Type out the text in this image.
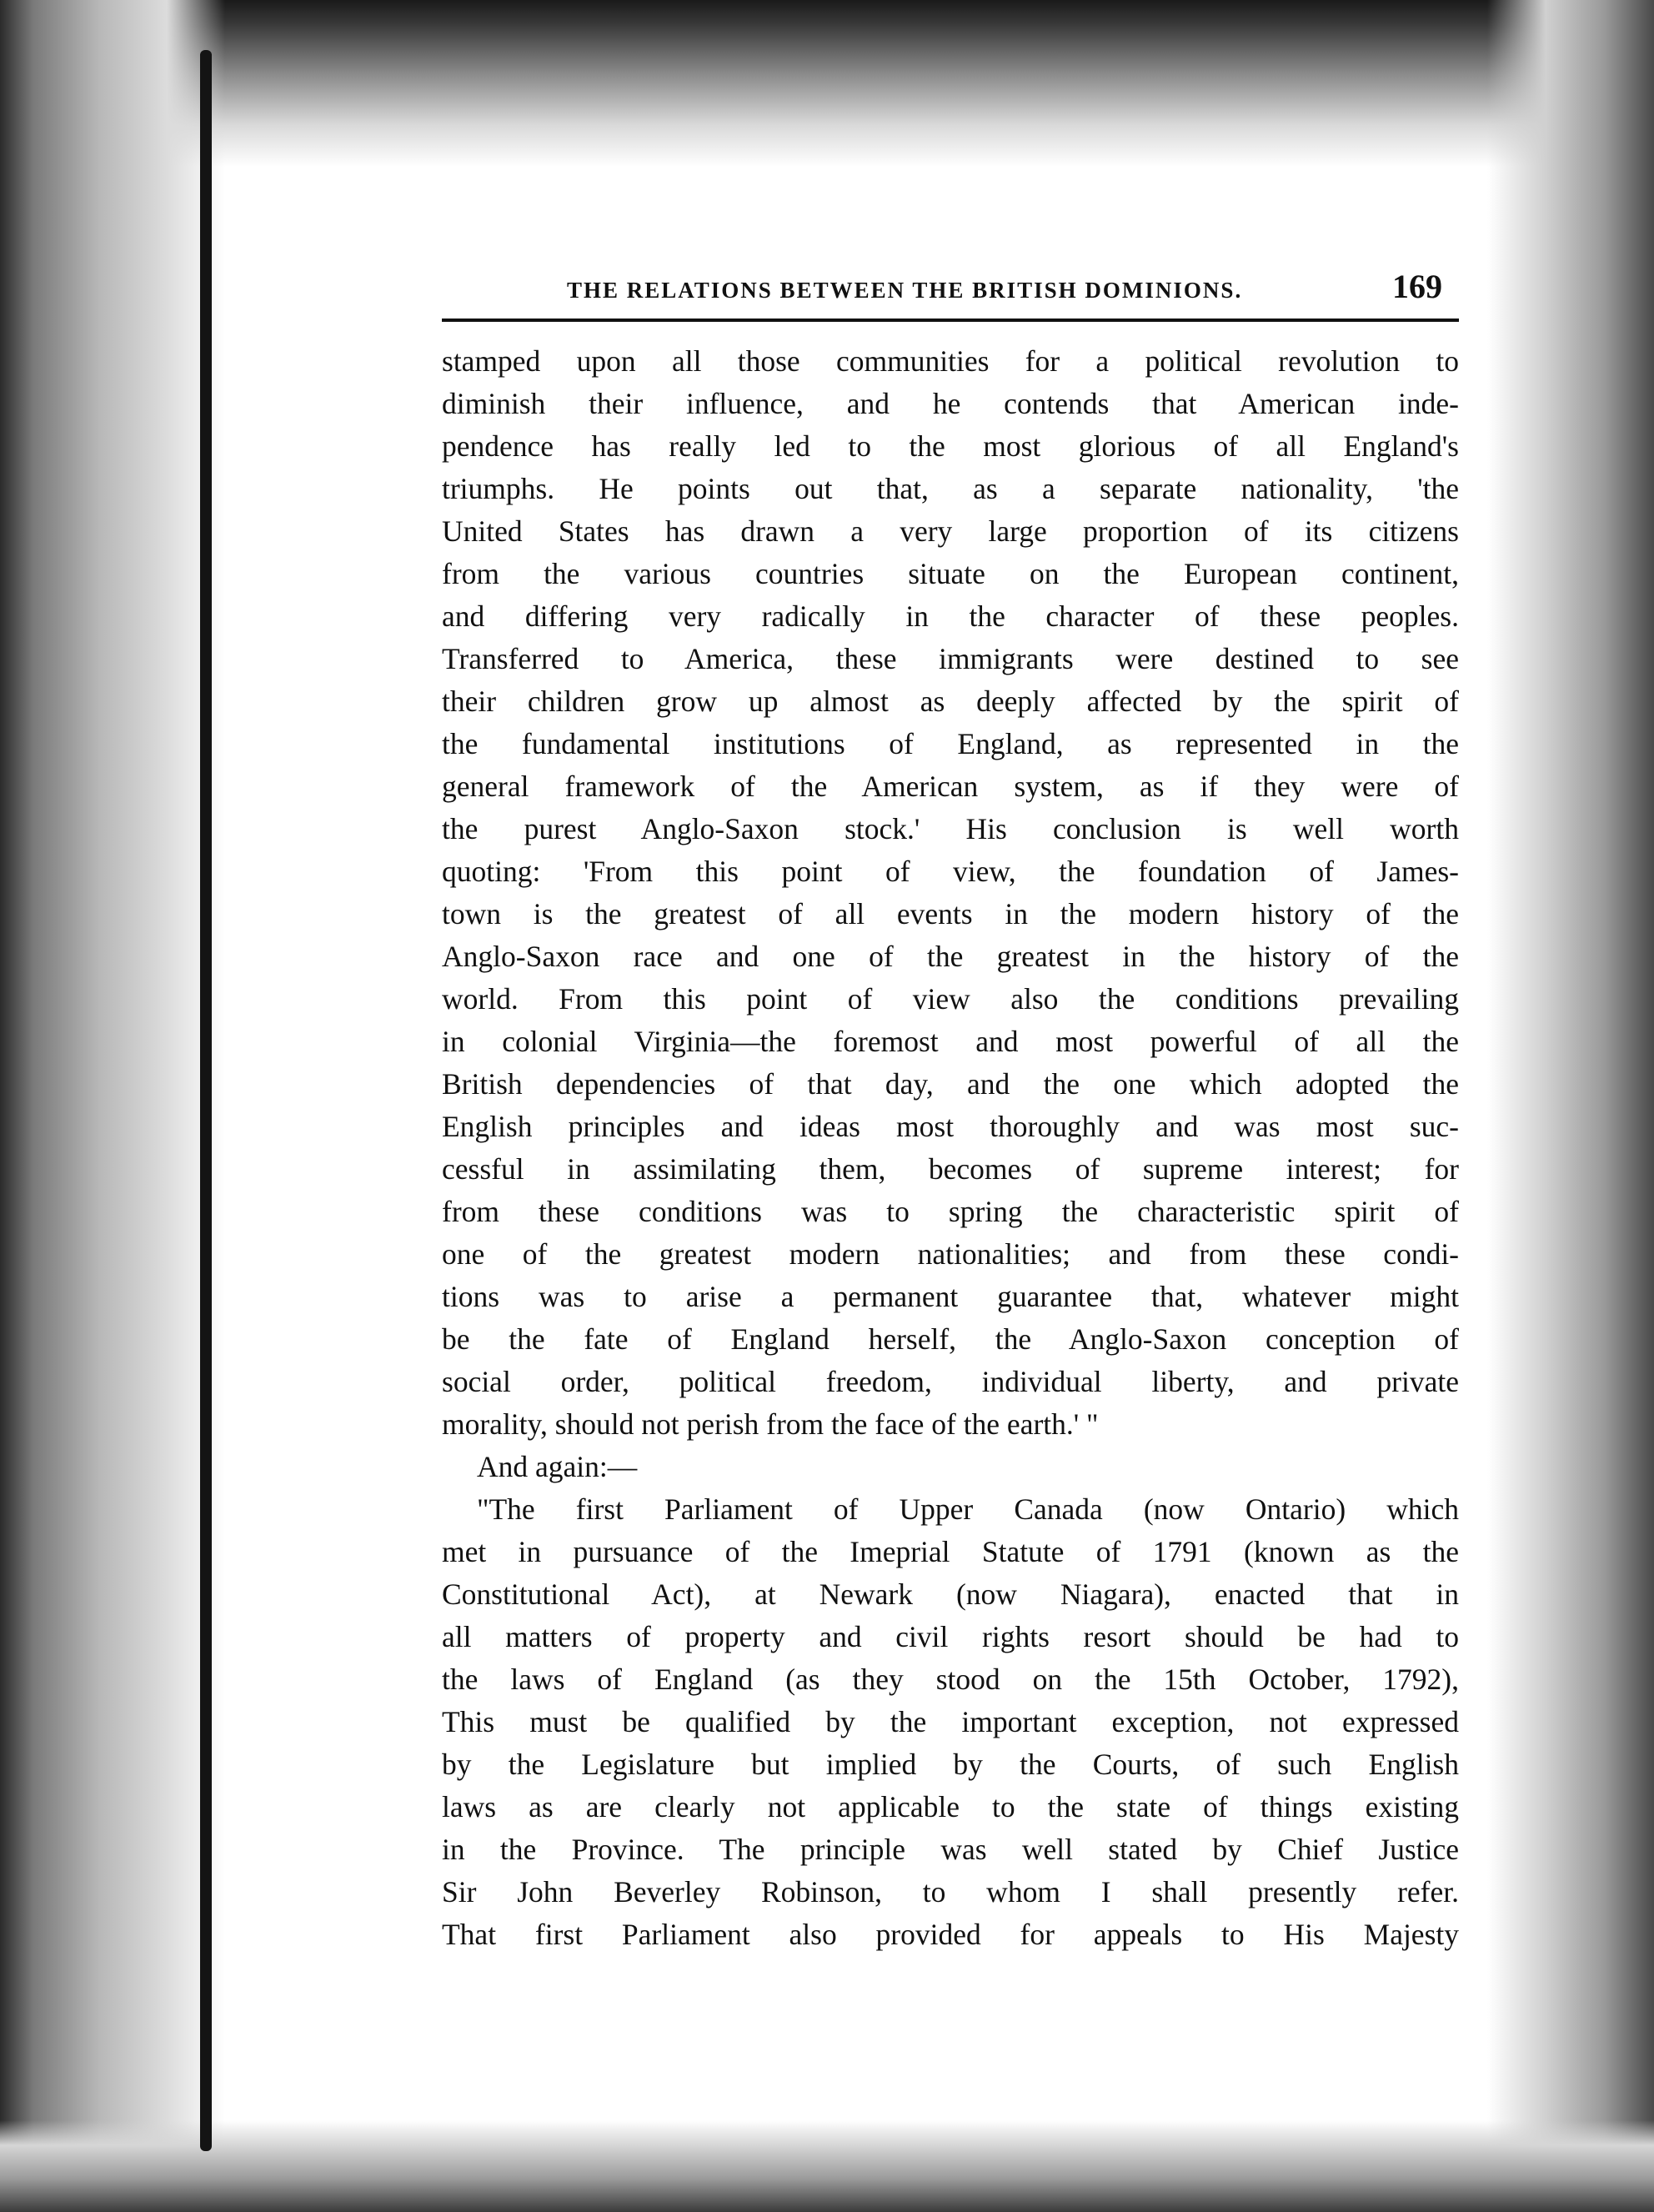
THE RELATIONS BETWEEN THE BRITISH DOMINIONS.	169
stamped upon all those communities for a political revolution to
diminish their influence, and he contends that American inde-
pendence has really led to the most glorious of all England's
triumphs. He points out that, as a separate nationality, 'the
United States has drawn a very large proportion of its citizens
from the various countries situate on the European continent,
and differing very radically in the character of these peoples.
Transferred to America, these immigrants were destined to see
their children grow up almost as deeply affected by the spirit of
the fundamental institutions of England, as represented in the
general framework of the American system, as if they were of
the purest Anglo-Saxon stock.' His conclusion is well worth
quoting: 'From this point of view, the foundation of James-
town is the greatest of all events in the modern history of the
Anglo-Saxon race and one of the greatest in the history of the
world. From this point of view also the conditions prevailing
in colonial Virginia—the foremost and most powerful of all the
British dependencies of that day, and the one which adopted the
English principles and ideas most thoroughly and was most suc-
cessful in assimilating them, becomes of supreme interest; for
from these conditions was to spring the characteristic spirit of
one of the greatest modern nationalities; and from these condi-
tions was to arise a permanent guarantee that, whatever might
be the fate of England herself, the Anglo-Saxon conception of
social order, political freedom, individual liberty, and private
morality, should not perish from the face of the earth.' "
And again:—
"The first Parliament of Upper Canada (now Ontario) which
met in pursuance of the Imeprial Statute of 1791 (known as the
Constitutional Act), at Newark (now Niagara), enacted that in
all matters of property and civil rights resort should be had to
the laws of England (as they stood on the 15th October, 1792),
This must be qualified by the important exception, not expressed
by the Legislature but implied by the Courts, of such English
laws as are clearly not applicable to the state of things existing
in the Province. The principle was well stated by Chief Justice
Sir John Beverley Robinson, to whom I shall presently refer.
That first Parliament also provided for appeals to His Majesty
